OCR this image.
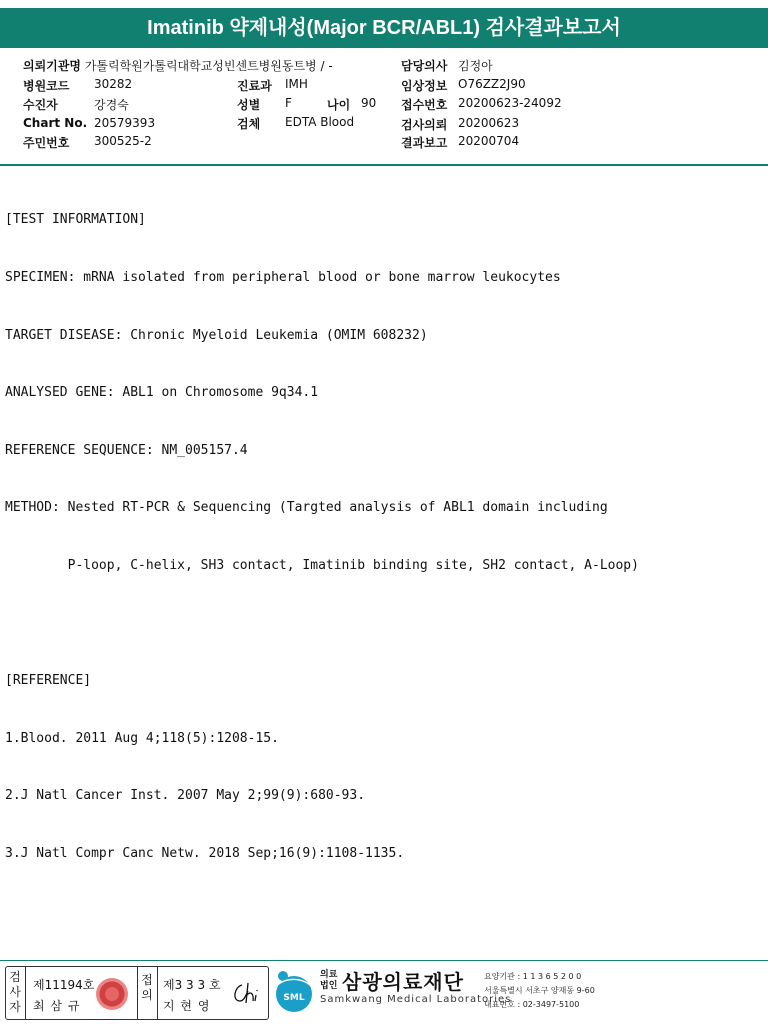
Imatinib 약제내성(Major BCR/ABL1) 검사결과보고서
의뢰기관명 가톨릭학원가톨릭대학교성빈센트병원동트병 / -
병원코드 30282
수진자	강경숙
Chart No. 20579393
주민번호 300525-2
진료과 IMH
성별 F	나이 90
검체 EDTA Blood
담당의사 김정아
임상정보 O76ZZ2J90
접수번호 20200623-24092
검사의뢰 20200623
결과보고 20200704

[TEST INFORMATION]

SPECIMEN: mRNA isolated from peripheral blood or bone marrow leukocytes

TARGET DISEASE: Chronic Myeloid Leukemia (OMIM 608232)

ANALYSED GENE: ABL1 on Chromosome 9q34.1

REFERENCE SEQUENCE: NM_005157.4

METHOD: Nested RT-PCR & Sequencing (Targted analysis of ABL1 domain including

P-loop, C-helix, SH3 contact, Imatinib binding site, SH2 contact, A-Loop)

[REFERENCE]

1.Blood. 2011 Aug 4;118(5):1208-15.

2.J Natl Cancer Inst. 2007 May 2;99(9):680-93.

3.J Natl Compr Canc Netw. 2018 Sep;16(9):1108-1135.

검사자
제11194호
최 삼 규
접의
제3 3 3 호
지 현 영
SML
의료 법인 삼광의료재단
Samkwang Medical Laboratories
요양기관 : 1 1 3 6 5 2 0 0
서울특별시 서초구 양재동 9-60
대표번호 : 02-3497-5100
